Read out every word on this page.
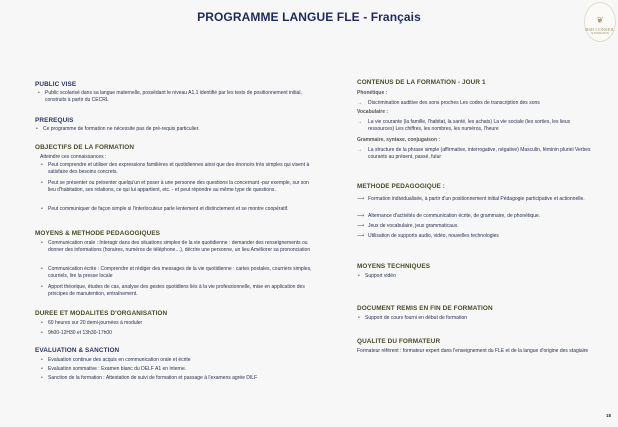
PROGRAMME LANGUE FLE - Français	❦
BSD CONSEIL
& FORMATION
PUBLIC VISE
• Public scolarisé dans sa langue maternelle, possédant le niveau A1.1 identifié par les tests de positionnement initial, construits à partir du CECRL
PREREQUIS
• Ce programme de formation ne nécessite pas de pré-requis particulier.
OBJECTIFS DE LA FORMATION
Atteindre ces connaissances :
• Peut comprendre et utiliser des expressions familières et quotidiennes ainsi que des énoncés très simples qui visent à satisfaire des besoins concrets.
• Peut se présenter ou présenter quelqu'un et poser à une personne des questions la concernant -par exemple, sur son lieu d'habitation, ses relations, ce qui lui appartient, etc. - et peut répondre au même type de questions.
• Peut communiquer de façon simple si l'interlocuteur parle lentement et distinctement et se montre coopératif.
MOYENS & METHODE PEDAGOGIQUES
• Communication orale : Interagir dans des situations simples de la vie quotidienne : demander des renseignements ou donner des informations (horaires, numéros de téléphone…), décrire une personne, un lieu Améliorer sa prononciation
• Communication écrite : Comprendre et rédiger des messages de la vie quotidienne : cartes postales, courriers simples, courriels, lire la presse locale
• Apport théorique, études de cas, analyse des gestes quotidiens liés à la vie professionnelle, mise en application des principes de manutention, entraînement.
DUREE ET MODALITES D'ORGANISATION
• 60 heures sur 20 demi-journées à moduler
• 9h00-12H30 et 13h30-17h00
EVALUATION & SANCTION
• Evaluation continue des acquis en communication orale et écrite
• Evaluation sommative : Examen blanc du DELF A1 en interne.
• Sanction de la formation : Attestation de suivi de formation et passage à l'examens agrée DILF
CONTENUS DE LA FORMATION - JOUR 1
Phonétique :
→ Discrimination auditive des sons proches Les codes de transcription des sons
Vocabulaire :
→ La vie courante (la famille, l'habitat, la santé, les achats) La vie sociale (les sorties, les lieux ressources) Les chiffres, les nombres, les numéros, l'heure
Grammaire, syntaxe, conjugaison :
→ La structure de la phrase simple (affirmative, interrogative, négative) Masculin, féminin pluriel Verbes courants au présent, passé, futur
METHODE PEDAGOGIQUE :
⟶ Formation individualisée, à partir d'un positionnement initial Pédagogie participative et actionnelle.
⟶ Alternance d'activités de communication écrite, de grammaire, de phonétique.
⟶ Jeux de vocabulaire, jeux grammaticaux.
⟶ Utilisation de supports audio, vidéo, nouvelles technologies
MOYENS TECHNIQUES
• Support vidéo
DOCUMENT REMIS EN FIN DE FORMATION
• Support de cours fourni en début de formation
QUALITE DU FORMATEUR
Formateur référent : formateur expert dans l'enseignement du FLE et de la langue d'origine des stagiaire
18
